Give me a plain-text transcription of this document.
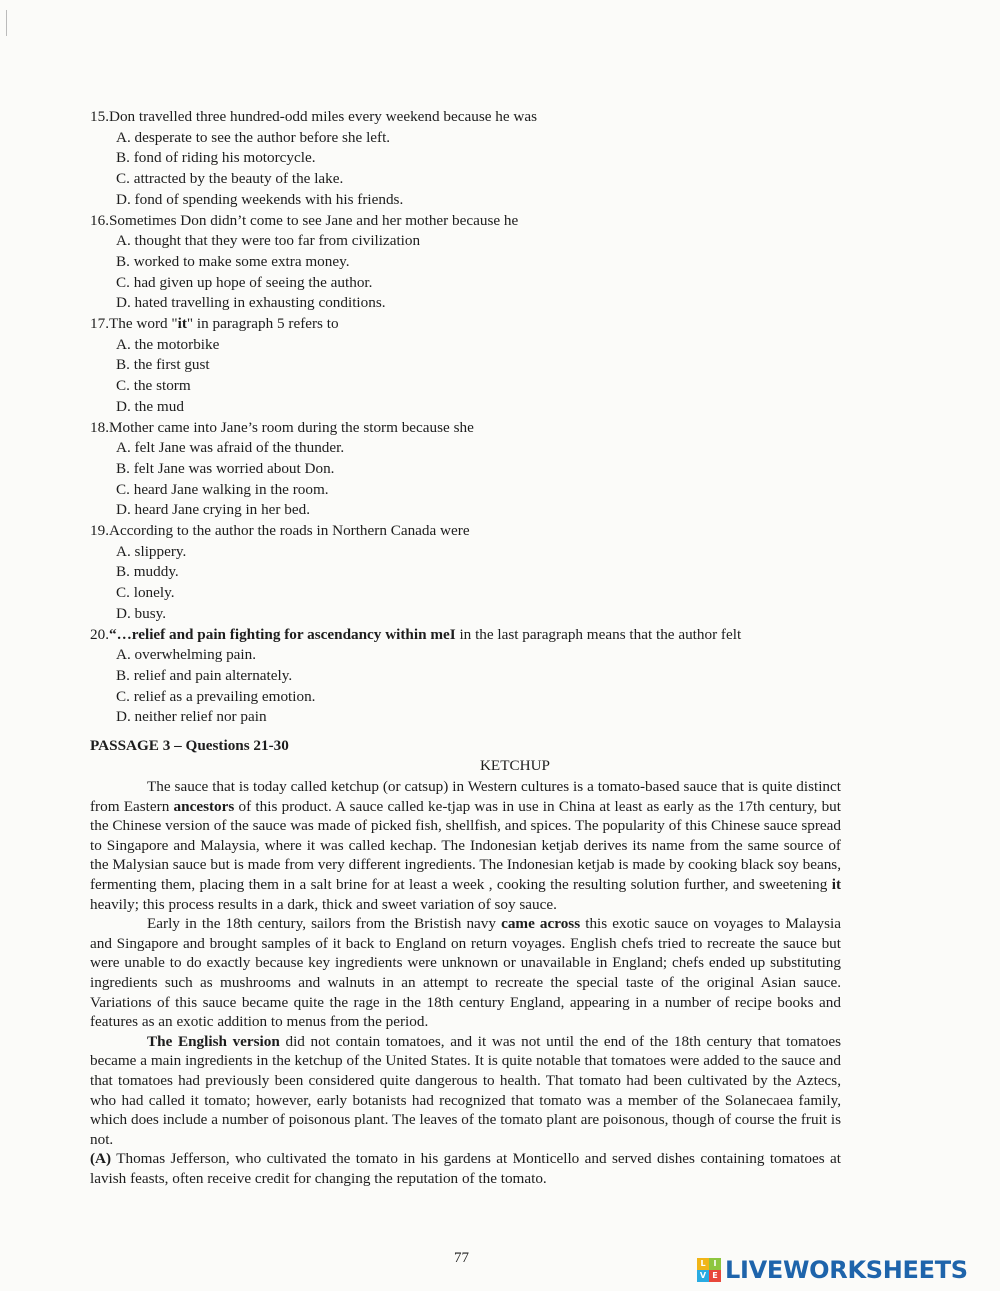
15.Don travelled three hundred-odd miles every weekend because he was
A. desperate to see the author before she left.
B. fond of riding his motorcycle.
C. attracted by the beauty of the lake.
D. fond of spending weekends with his friends.
16.Sometimes Don didn’t come to see Jane and her mother because he
A. thought that they were too far from civilization
B. worked to make some extra money.
C. had given up hope of seeing the author.
D. hated travelling in exhausting conditions.
17.The word "it" in paragraph 5 refers to
A. the motorbike
B. the first gust
C. the storm
D. the mud
18.Mother came into Jane’s room during the storm because she
A. felt Jane was afraid of the thunder.
B. felt Jane was worried about Don.
C. heard Jane walking in the room.
D. heard Jane crying in her bed.
19.According to the author the roads in Northern Canada were
A. slippery.
B. muddy.
C. lonely.
D. busy.
20.“…relief and pain fighting for ascendancy within meI in the last paragraph means that the author felt
A. overwhelming pain.
B. relief and pain alternately.
C. relief as a prevailing emotion.
D. neither relief nor pain
PASSAGE 3 – Questions 21-30
KETCHUP

The sauce that is today called ketchup (or catsup) in Western cultures is a tomato-based sauce that is quite distinct from Eastern ancestors of this product. A sauce called ke-tjap was in use in China at least as early as the 17th century, but the Chinese version of the sauce was made of picked fish, shellfish, and spices. The popularity of this Chinese sauce spread to Singapore and Malaysia, where it was called kechap. The Indonesian ketjab derives its name from the same source of the Malysian sauce but is made from very different ingredients. The Indonesian ketjab is made by cooking black soy beans, fermenting them, placing them in a salt brine for at least a week , cooking the resulting solution further, and sweetening it heavily; this process results in a dark, thick and sweet variation of soy sauce.

Early in the 18th century, sailors from the Bristish navy came across this exotic sauce on voyages to Malaysia and Singapore and brought samples of it back to England on return voyages. English chefs tried to recreate the sauce but were unable to do exactly because key ingredients were unknown or unavailable in England; chefs ended up substituting ingredients such as mushrooms and walnuts in an attempt to recreate the special taste of the original Asian sauce. Variations of this sauce became quite the rage in the 18th century England, appearing in a number of recipe books and features as an exotic addition to menus from the period.

The English version did not contain tomatoes, and it was not until the end of the 18th century that tomatoes became a main ingredients in the ketchup of the United States. It is quite notable that tomatoes were added to the sauce and that tomatoes had previously been considered quite dangerous to health. That tomato had been cultivated by the Aztecs, who had called it tomato; however, early botanists had recognized that tomato was a member of the Solanecaea family, which does include a number of poisonous plant. The leaves of the tomato plant are poisonous, though of course the fruit is not.

(A) Thomas Jefferson, who cultivated the tomato in his gardens at Monticello and served dishes containing tomatoes at lavish feasts, often receive credit for changing the reputation of the tomato.

77	L I
V E LIVEWORKSHEETS
